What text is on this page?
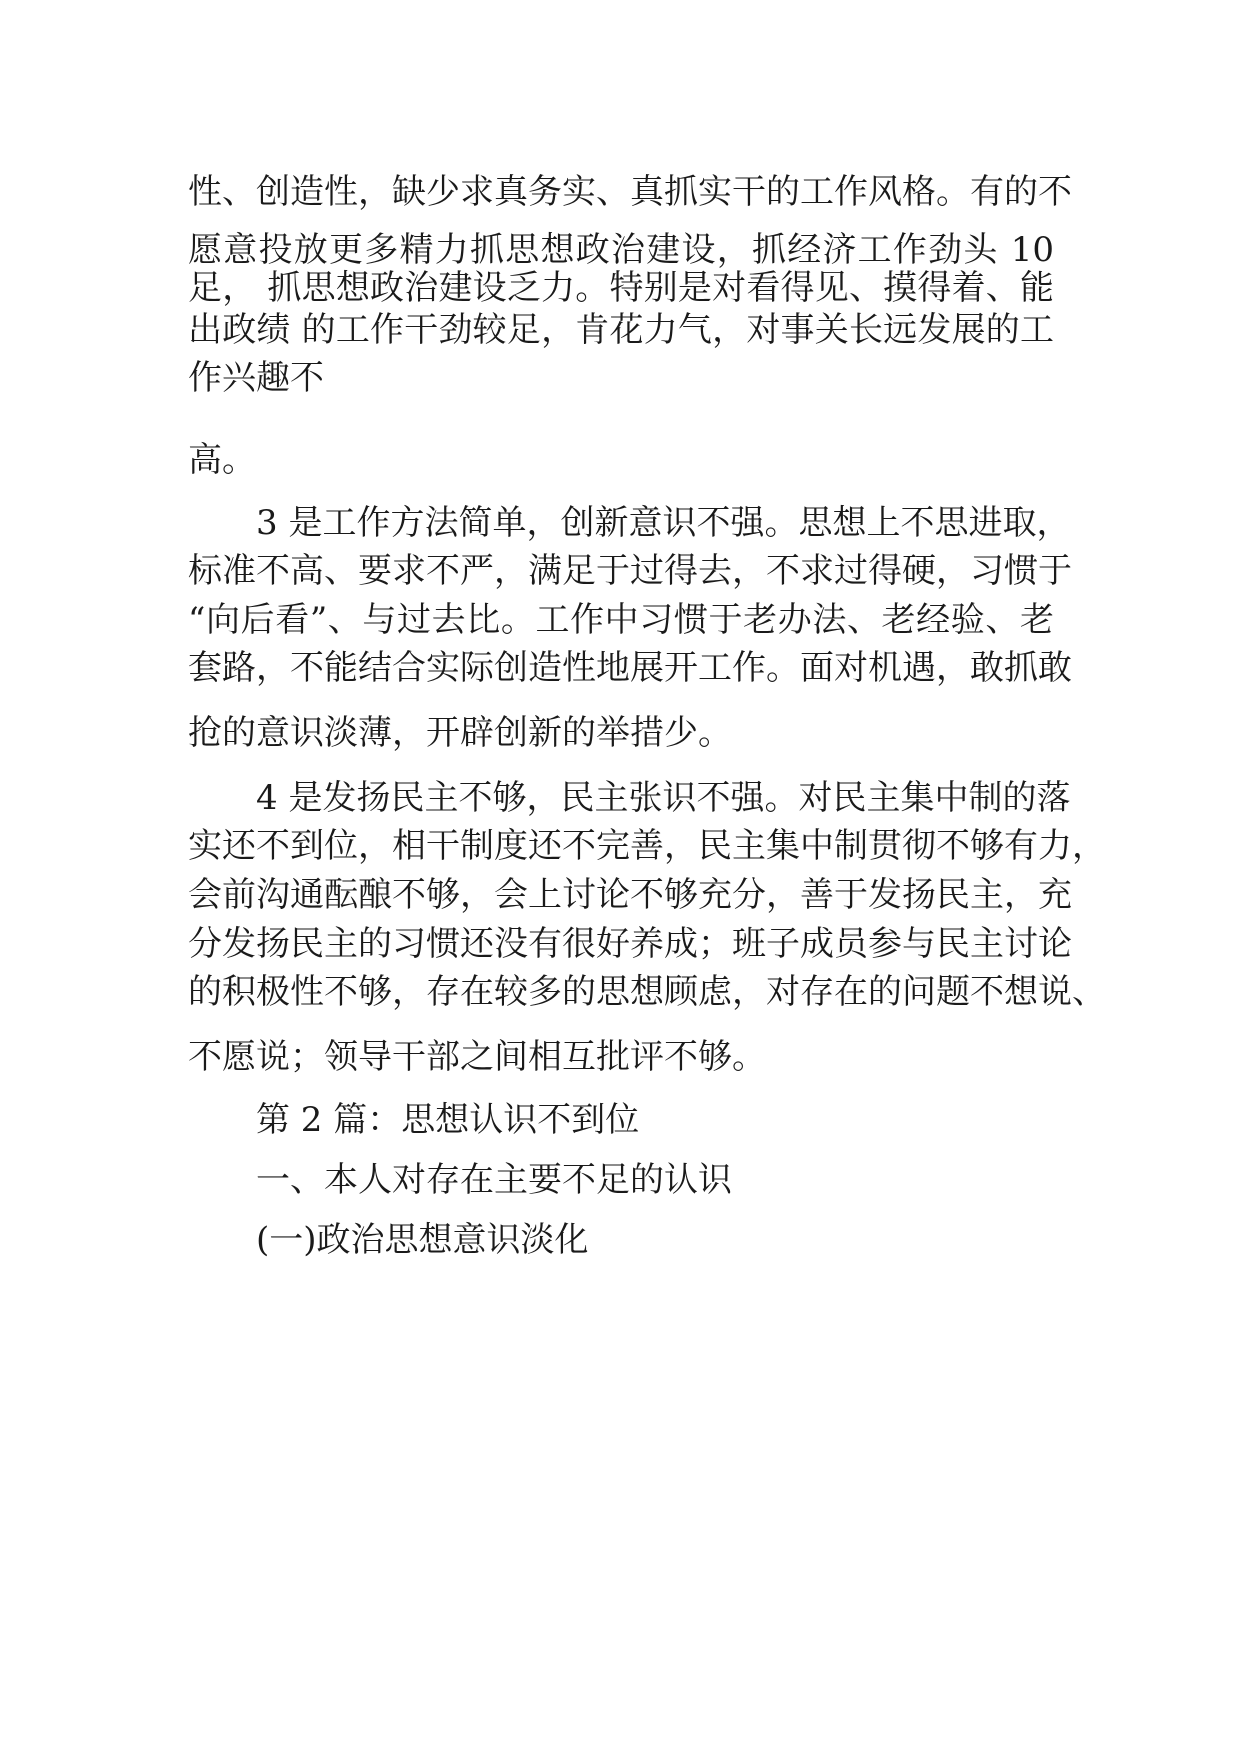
性、创造性，缺少求真务实、真抓实干的工作风格。有的不
愿意投放更多精力抓思想政治建设，抓经济工作劲头 10
足， 抓思想政治建设乏力。特别是对看得见、摸得着、能
出政绩 的工作干劲较足，肯花力气，对事关长远发展的工
作兴趣不
高。
3 是工作方法简单，创新意识不强。思想上不思进取，
标准不高、要求不严，满足于过得去，不求过得硬，习惯于
“向后看”、与过去比。工作中习惯于老办法、老经验、老
套路，不能结合实际创造性地展开工作。面对机遇，敢抓敢
抢的意识淡薄，开辟创新的举措少。
4 是发扬民主不够，民主张识不强。对民主集中制的落
实还不到位，相干制度还不完善，民主集中制贯彻不够有力，
会前沟通酝酿不够，会上讨论不够充分，善于发扬民主，充
分发扬民主的习惯还没有很好养成；班子成员参与民主讨论
的积极性不够，存在较多的思想顾虑，对存在的问题不想说、
不愿说；领导干部之间相互批评不够。
第 2 篇：思想认识不到位
一、本人对存在主要不足的认识
(一)政治思想意识淡化
